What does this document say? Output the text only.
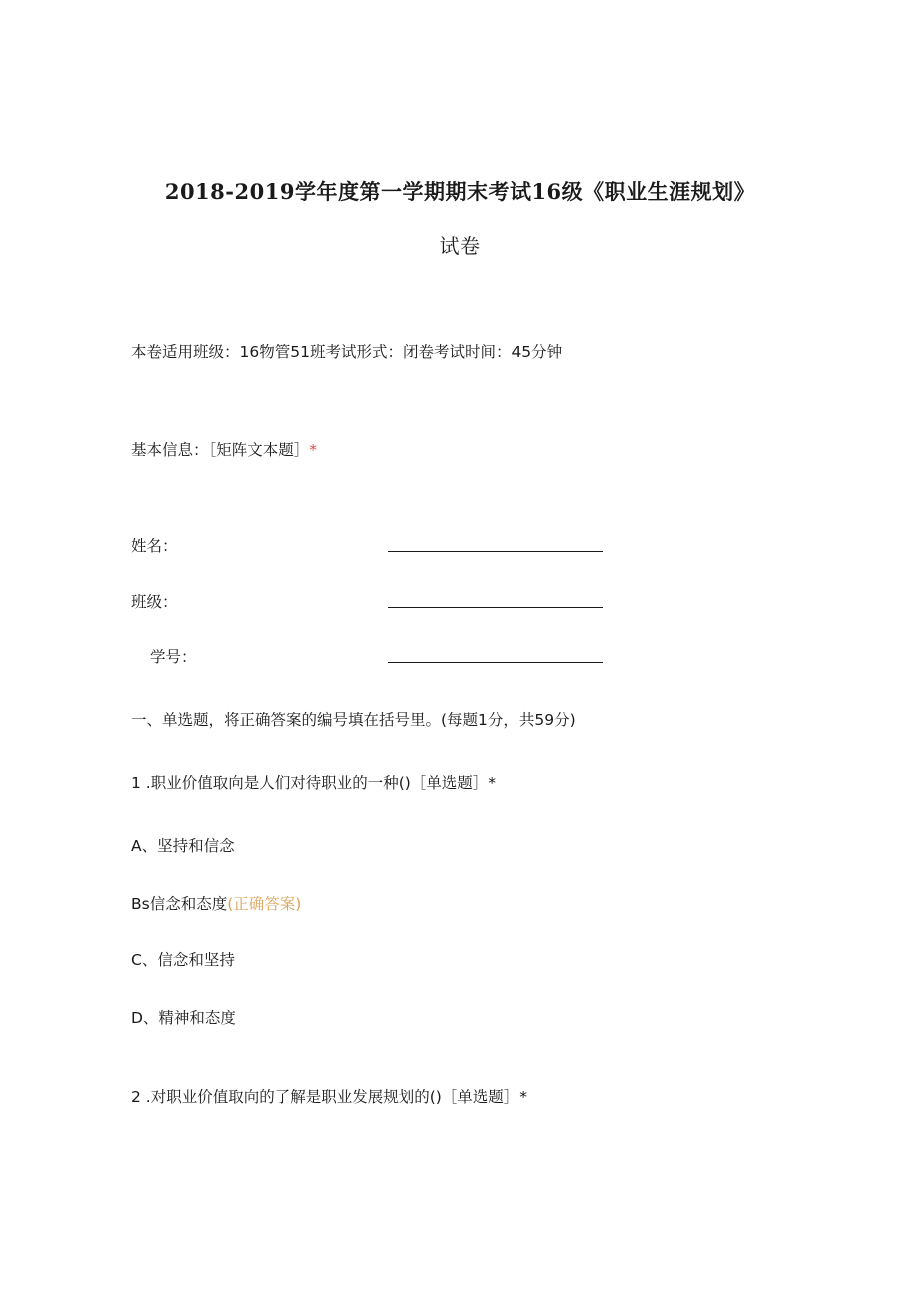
2018-2019学年度第一学期期末考试16级《职业生涯规划》
试卷
本卷适用班级：16物管51班考试形式：闭卷考试时间：45分钟
基本信息：［矩阵文本题］*
姓名：
班级：
学号：
一、单选题，将正确答案的编号填在括号里。(每题1分，共59分)
1 .职业价值取向是人们对待职业的一种()［单选题］*
A、坚持和信念
Bs信念和态度(正确答案)
C、信念和坚持
D、精神和态度
2 .对职业价值取向的了解是职业发展规划的()［单选题］*
